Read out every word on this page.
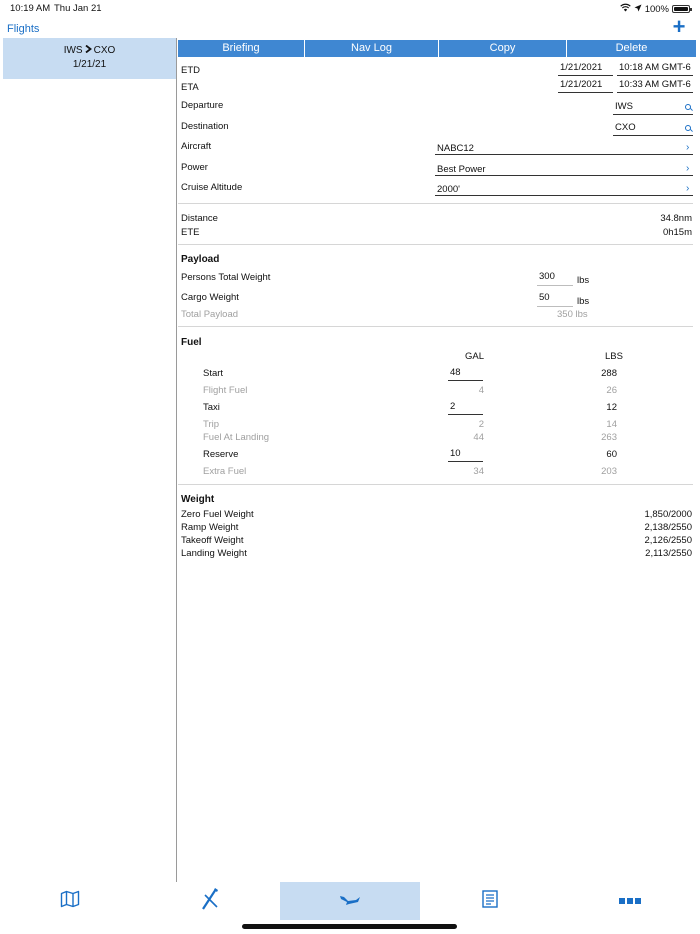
10:19 AM Thu Jan 21	100%
Flights	+
IWS CXO
1/21/21
Briefing	Nav Log	Copy	Delete
ETD	1/21/2021 10:18 AM GMT-6
ETA	1/21/2021 10:33 AM GMT-6
Departure	IWS
Destination	CXO
Aircraft	NABC12	›
Power	Best Power	›
Cruise Altitude	2000'	›
Distance	34.8nm
ETE	0h15m
Payload
Persons Total Weight	300 lbs
Cargo Weight	50	lbs
Total Payload	350 lbs
Fuel
GAL	LBS
Start	48	288
Flight Fuel	4	26
Taxi	2	12
Trip	2	14
Fuel At Landing	44	263
Reserve	10	60
Extra Fuel	34	203
Weight
Zero Fuel Weight	1,850/2000
Ramp Weight	2,138/2550
Takeoff Weight	2,126/2550
Landing Weight	2,113/2550
